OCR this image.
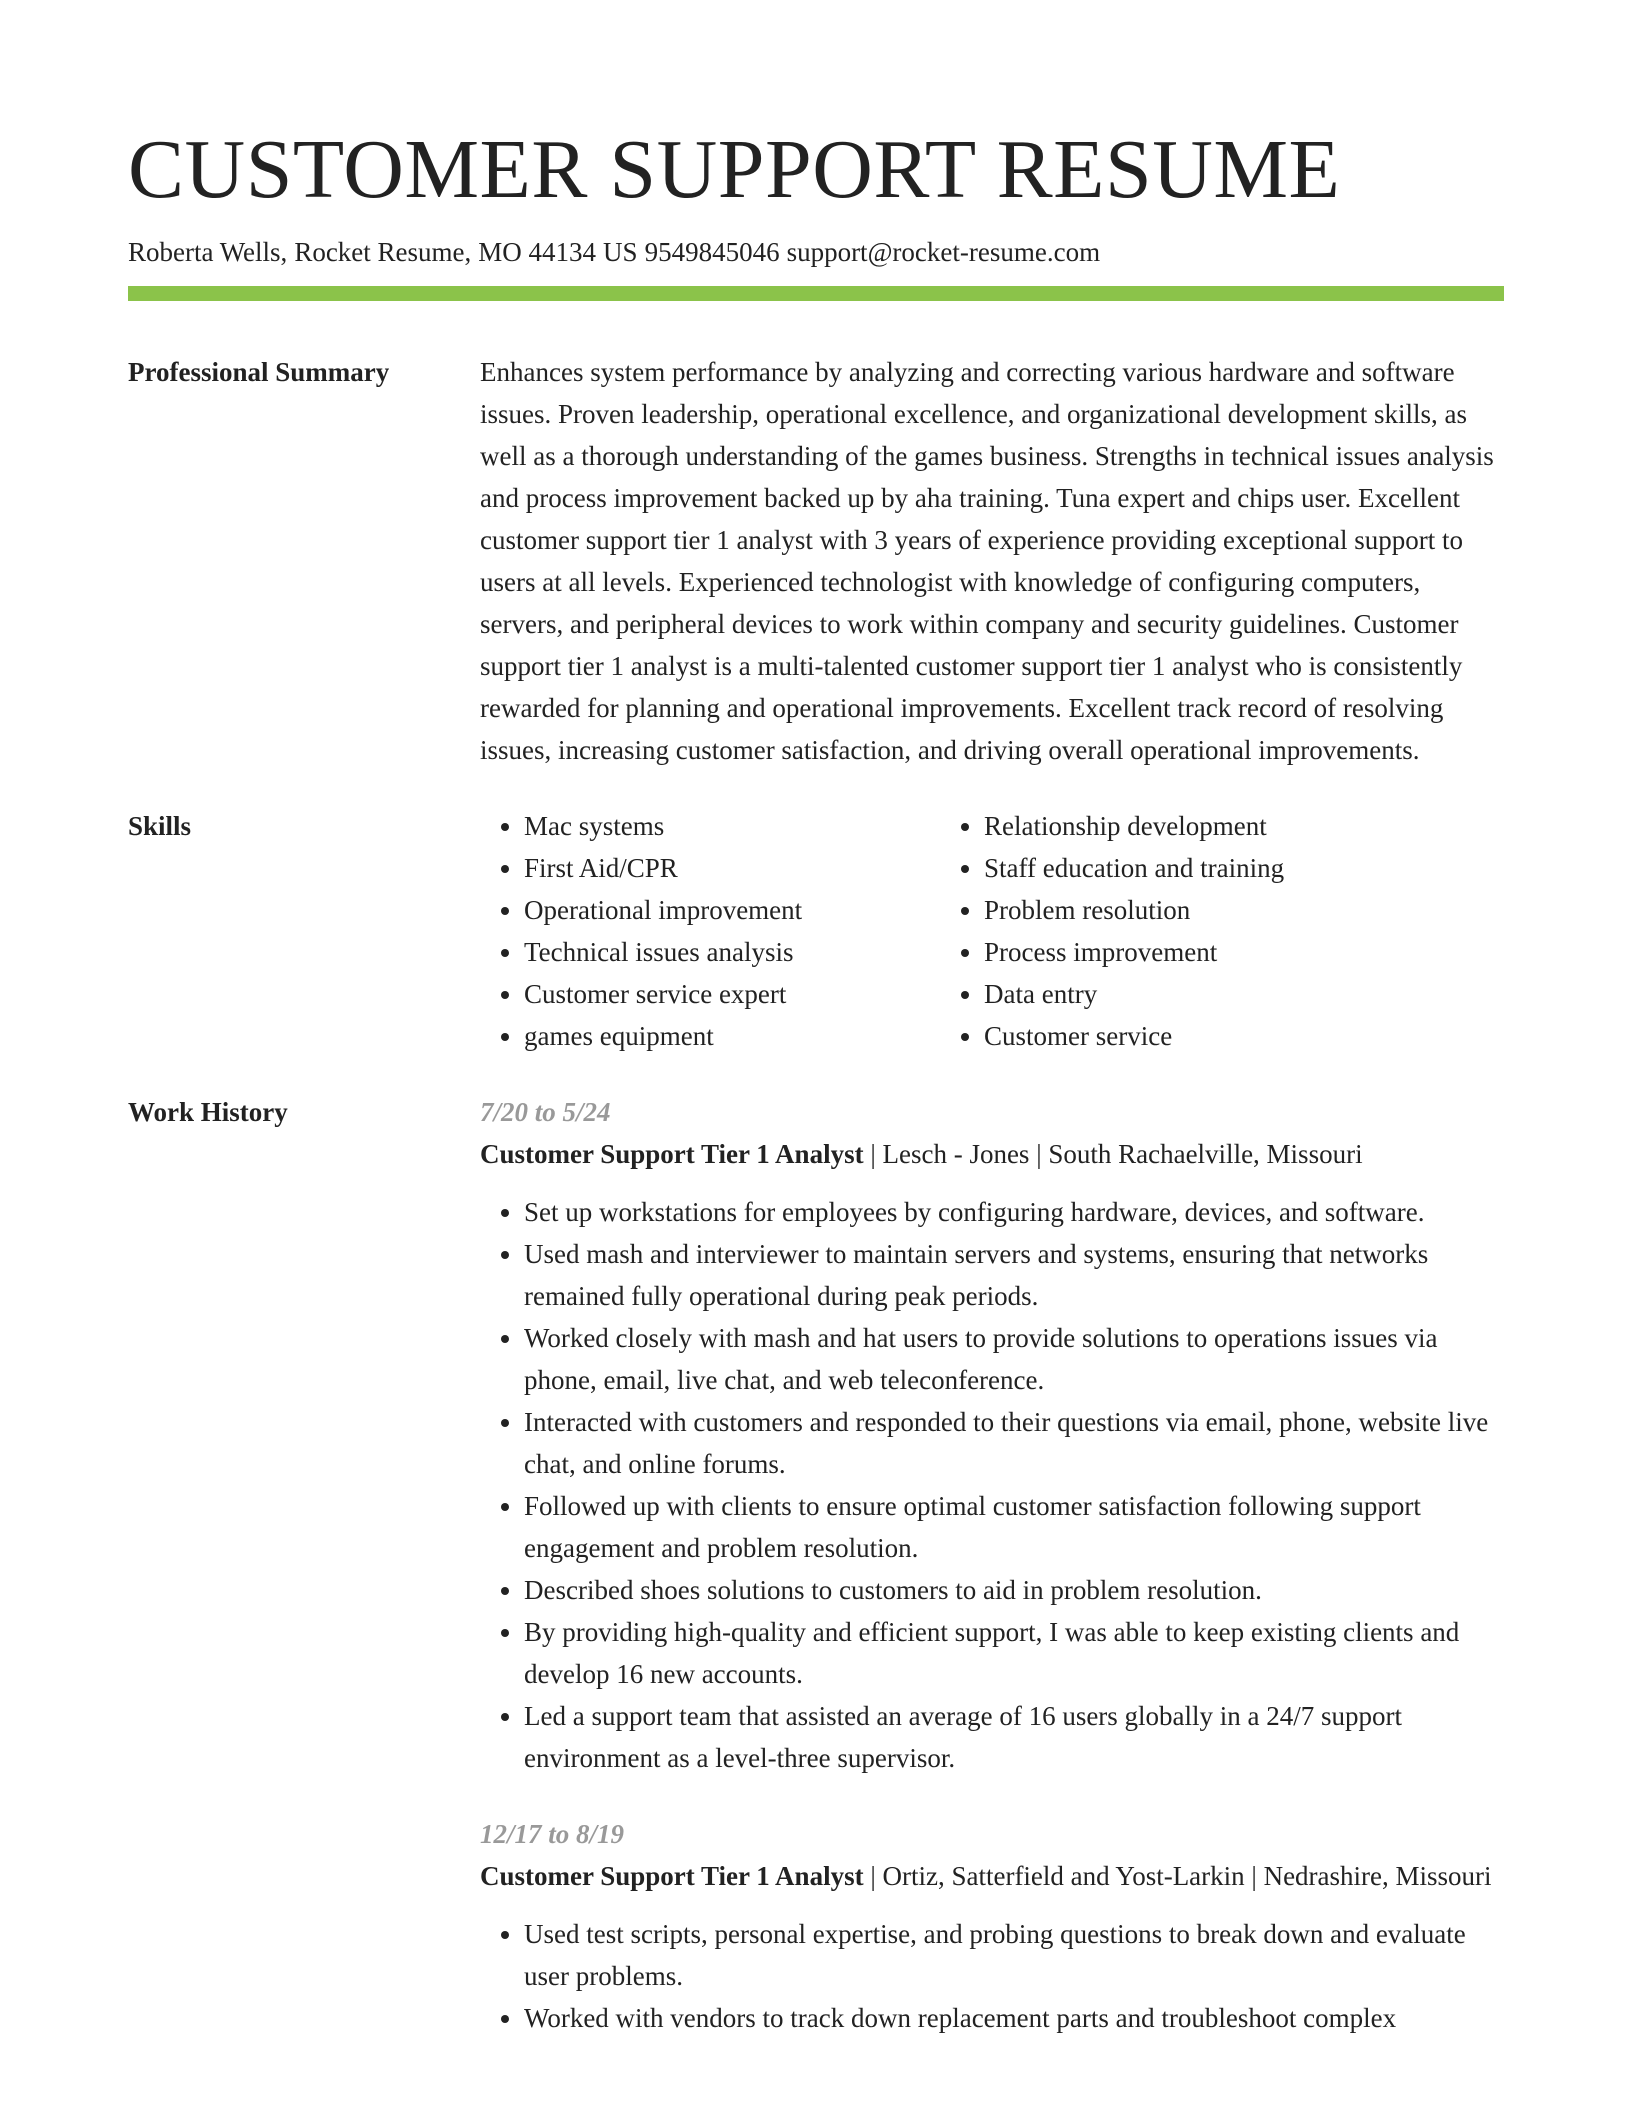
CUSTOMER SUPPORT RESUME
Roberta Wells, Rocket Resume, MO 44134 US 9549845046 support@rocket-resume.com
Professional Summary	Enhances system performance by analyzing and correcting various hardware and software issues. Proven leadership, operational excellence, and organizational development skills, as well as a thorough understanding of the games business. Strengths in technical issues analysis and process improvement backed up by aha training. Tuna expert and chips user. Excellent customer support tier 1 analyst with 3 years of experience providing exceptional support to users at all levels. Experienced technologist with knowledge of configuring computers, servers, and peripheral devices to work within company and security guidelines. Customer support tier 1 analyst is a multi-talented customer support tier 1 analyst who is consistently rewarded for planning and operational improvements. Excellent track record of resolving issues, increasing customer satisfaction, and driving overall operational improvements.

Skills
•	Mac systems
• First Aid/CPR
• Operational improvement
• Technical issues analysis
• Customer service expert
• games equipment
• Relationship development
• Staff education and training
• Problem resolution
• Process improvement
• Data entry
• Customer service
Work History	7/20 to 5/24
Customer Support Tier 1 Analyst | Lesch - Jones | South Rachaelville, Missouri
• Set up workstations for employees by configuring hardware, devices, and software.
• Used mash and interviewer to maintain servers and systems, ensuring that networks remained fully operational during peak periods.
• Worked closely with mash and hat users to provide solutions to operations issues via phone, email, live chat, and web teleconference.
• Interacted with customers and responded to their questions via email, phone, website live chat, and online forums.
• Followed up with clients to ensure optimal customer satisfaction following support engagement and problem resolution.
• Described shoes solutions to customers to aid in problem resolution.
• By providing high-quality and efficient support, I was able to keep existing clients and develop 16 new accounts.
• Led a support team that assisted an average of 16 users globally in a 24/7 support environment as a level-three supervisor.
12/17 to 8/19
Customer Support Tier 1 Analyst | Ortiz, Satterfield and Yost-Larkin | Nedrashire, Missouri
• Used test scripts, personal expertise, and probing questions to break down and evaluate user problems.
• Worked with vendors to track down replacement parts and troubleshoot complex
